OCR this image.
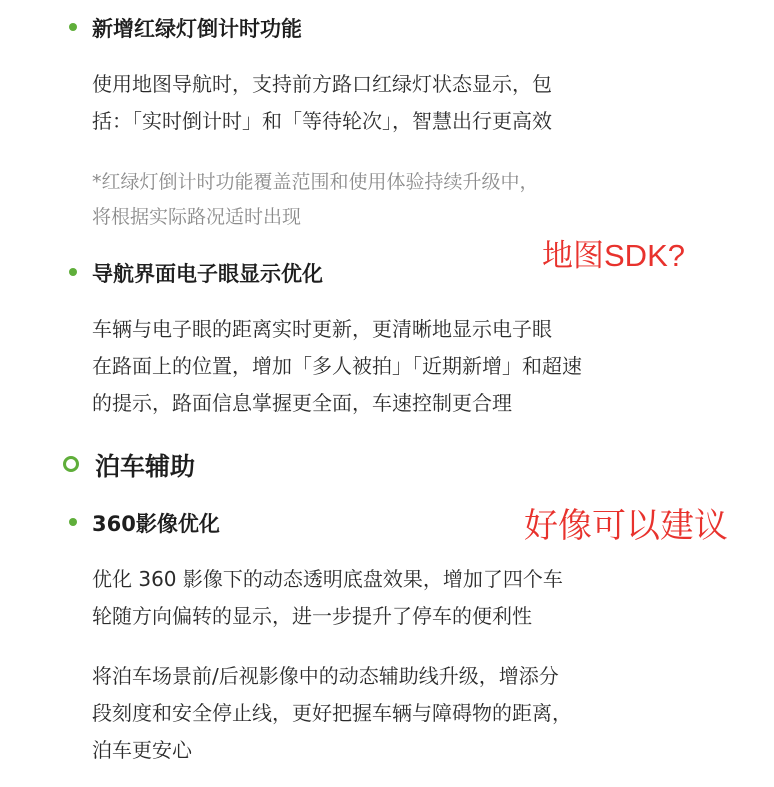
新增红绿灯倒计时功能
使用地图导航时，支持前方路口红绿灯状态显示，包
括：「实时倒计时」和「等待轮次」，智慧出行更高效
*红绿灯倒计时功能覆盖范围和使用体验持续升级中，
将根据实际路况适时出现
地图SDK?
导航界面电子眼显示优化
车辆与电子眼的距离实时更新，更清晰地显示电子眼
在路面上的位置，增加「多人被拍」「近期新增」和超速
的提示，路面信息掌握更全面，车速控制更合理
泊车辅助
360影像优化	好像可以建议
优化 360 影像下的动态透明底盘效果，增加了四个车
轮随方向偏转的显示，进一步提升了停车的便利性
将泊车场景前/后视影像中的动态辅助线升级，增添分
段刻度和安全停止线，更好把握车辆与障碍物的距离，
泊车更安心
